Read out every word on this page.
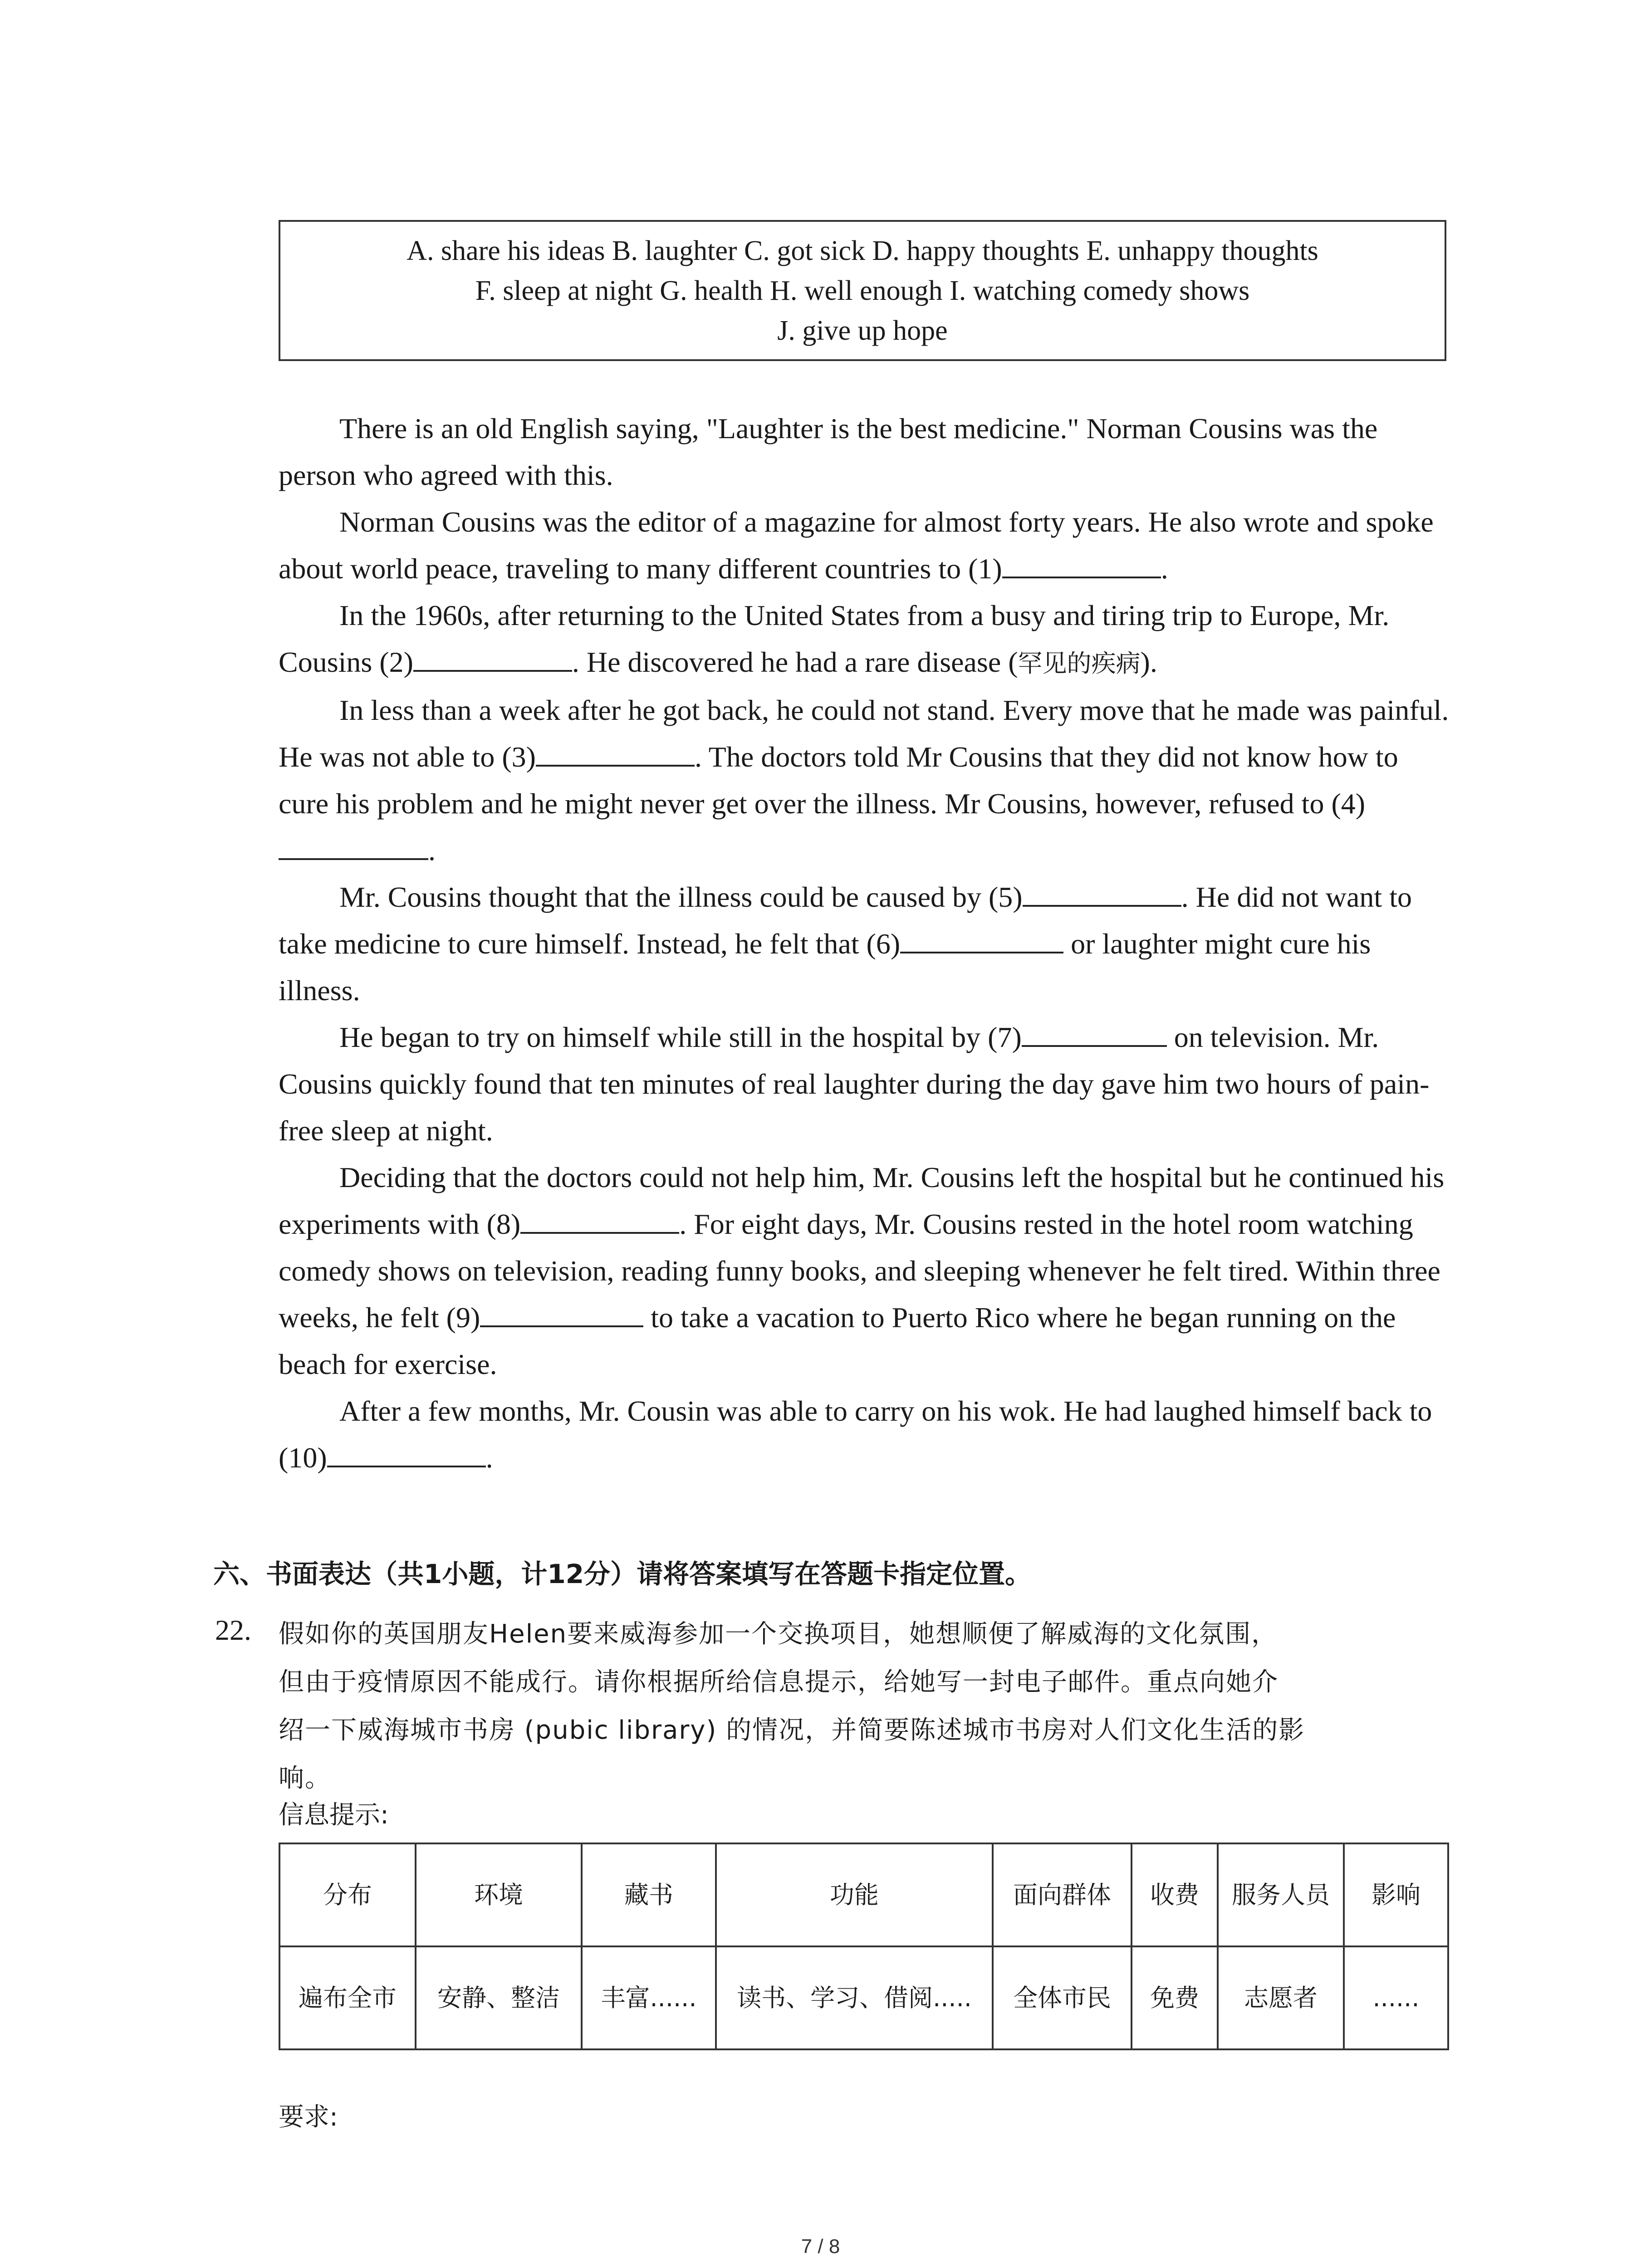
A. share his ideas B. laughter C. got sick D. happy thoughts E. unhappy thoughts
F. sleep at night G. health H. well enough I. watching comedy shows
J. give up hope

There is an old English saying, "Laughter is the best medicine." Norman Cousins was the person who agreed with this.

Norman Cousins was the editor of a magazine for almost forty years. He also wrote and spoke about world peace, traveling to many different countries to (1)	.

In the 1960s, after returning to the United States from a busy and tiring trip to Europe, Mr. Cousins (2)	. He discovered he had a rare disease (罕见的疾病).

In less than a week after he got back, he could not stand. Every move that he made was painful. He was not able to (3)	. The doctors told Mr Cousins that they did not know how to cure his problem and he might never get over the illness. Mr Cousins, however, refused to (4).

Mr. Cousins thought that the illness could be caused by (5)	. He did not want to take medicine to cure himself. Instead, he felt that (6)	or laughter might cure his illness.

He began to try on himself while still in the hospital by (7)	on television. Mr. Cousins quickly found that ten minutes of real laughter during the day gave him two hours of pain-free sleep at night.

Deciding that the doctors could not help him, Mr. Cousins left the hospital but he continued his experiments with (8)	. For eight days, Mr. Cousins rested in the hotel room watching comedy shows on television, reading funny books, and sleeping whenever he felt tired. Within three weeks, he felt (9)	to take a vacation to Puerto Rico where he began running on the beach for exercise.

After a few months, Mr. Cousin was able to carry on his wok. He had laughed himself back to (10)	.

六、书面表达（共1小题，计12分）请将答案填写在答题卡指定位置。
22. 假如你的英国朋友Helen要来威海参加一个交换项目，她想顺便了解威海的文化氛围，
但由于疫情原因不能成行。请你根据所给信息提示，给她写一封电子邮件。重点向她介
绍一下威海城市书房 (pubic library) 的情况，并简要陈述城市书房对人们文化生活的影
响。
信息提示:
分布	环境	藏书	功能	面向群体	收费	服务人员	影响
遍布全市	安静、整洁	丰富......	读书、学习、借阅.....	全体市民	免费	志愿者	......
要求:
7 / 8
